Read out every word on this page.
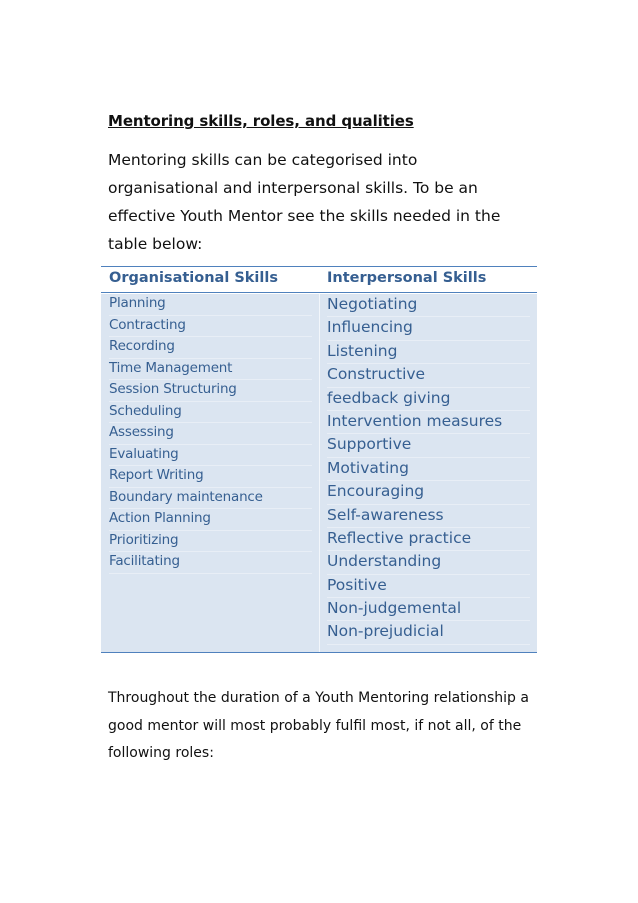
Mentoring skills, roles, and qualities

Mentoring skills can be categorised into organisational and interpersonal skills. To be an effective Youth Mentor see the skills needed in the table below:

Organisational Skills	Interpersonal Skills
Planning
Contracting
Recording
Time Management
Session Structuring
Scheduling
Assessing
Evaluating
Report Writing
Boundary maintenance
Action Planning
Prioritizing
Facilitating
Negotiating
Influencing
Listening
Constructive
feedback giving
Intervention measures
Supportive
Motivating
Encouraging
Self-awareness
Reflective practice
Understanding
Positive
Non-judgemental
Non-prejudicial

Throughout the duration of a Youth Mentoring relationship a good mentor will most probably fulfil most, if not all, of the following roles:
